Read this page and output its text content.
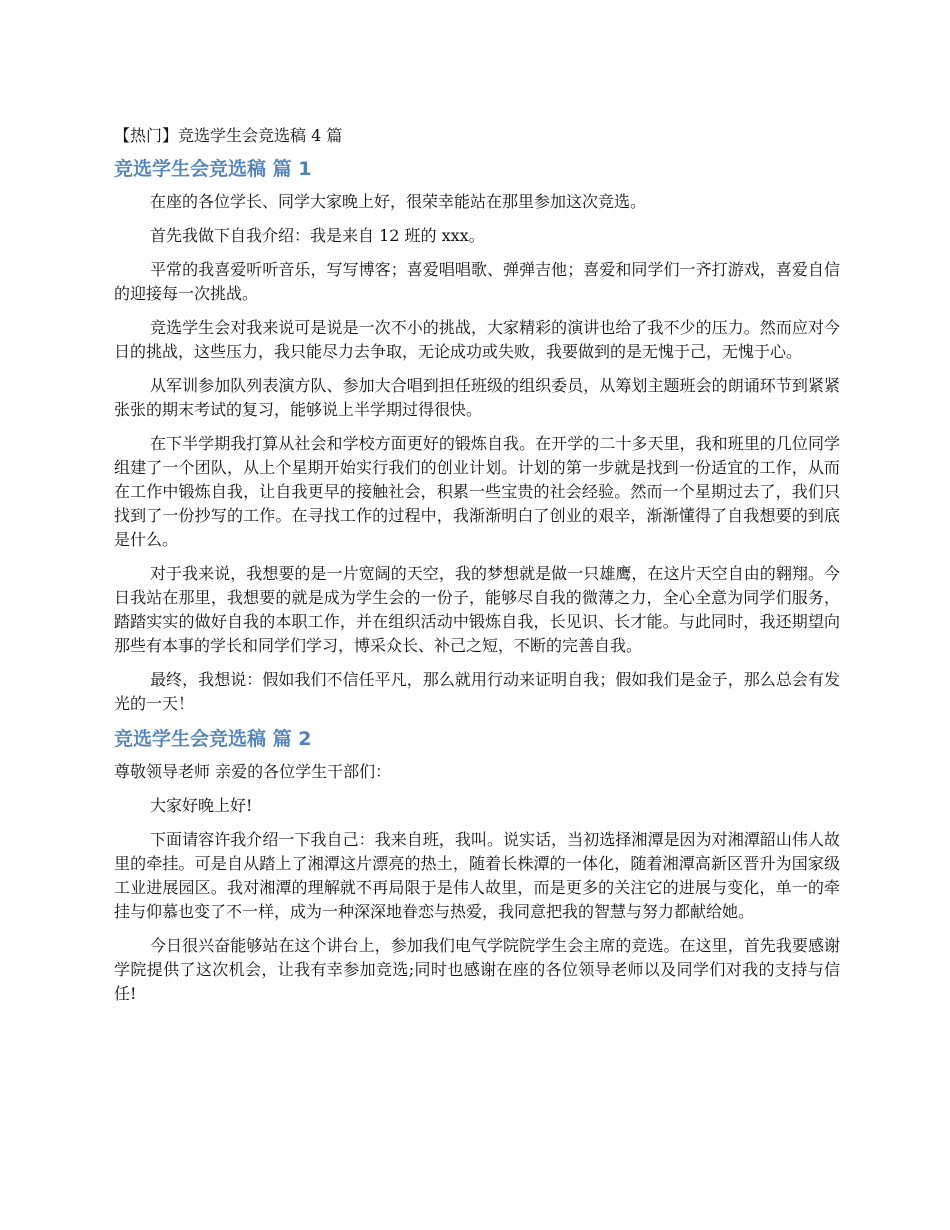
【热门】竞选学生会竞选稿 4 篇
竞选学生会竞选稿 篇 1

在座的各位学长、同学大家晚上好，很荣幸能站在那里参加这次竞选。

首先我做下自我介绍：我是来自 12 班的 xxx。

平常的我喜爱听听音乐，写写博客；喜爱唱唱歌、弹弹吉他；喜爱和同学们一齐打游戏，喜爱自信的迎接每一次挑战。

竞选学生会对我来说可是说是一次不小的挑战，大家精彩的演讲也给了我不少的压力。然而应对今日的挑战，这些压力，我只能尽力去争取，无论成功或失败，我要做到的是无愧于己，无愧于心。

从军训参加队列表演方队、参加大合唱到担任班级的组织委员，从筹划主题班会的朗诵环节到紧紧张张的期末考试的复习，能够说上半学期过得很快。

在下半学期我打算从社会和学校方面更好的锻炼自我。在开学的二十多天里，我和班里的几位同学组建了一个团队，从上个星期开始实行我们的创业计划。计划的第一步就是找到一份适宜的工作，从而在工作中锻炼自我，让自我更早的接触社会，积累一些宝贵的社会经验。然而一个星期过去了，我们只找到了一份抄写的工作。在寻找工作的过程中，我渐渐明白了创业的艰辛，渐渐懂得了自我想要的到底是什么。

对于我来说，我想要的是一片宽阔的天空，我的梦想就是做一只雄鹰，在这片天空自由的翱翔。今日我站在那里，我想要的就是成为学生会的一份子，能够尽自我的微薄之力，全心全意为同学们服务，踏踏实实的做好自我的本职工作，并在组织活动中锻炼自我，长见识、长才能。与此同时，我还期望向那些有本事的学长和同学们学习，博采众长、补己之短，不断的完善自我。

最终，我想说：假如我们不信任平凡，那么就用行动来证明自我；假如我们是金子，那么总会有发光的一天！

竞选学生会竞选稿 篇 2

尊敬领导老师 亲爱的各位学生干部们：

大家好晚上好!

下面请容许我介绍一下我自己：我来自班，我叫。说实话，当初选择湘潭是因为对湘潭韶山伟人故里的牵挂。可是自从踏上了湘潭这片漂亮的热土，随着长株潭的一体化，随着湘潭高新区晋升为国家级工业进展园区。我对湘潭的理解就不再局限于是伟人故里，而是更多的关注它的进展与变化，单一的牵挂与仰慕也变了不一样，成为一种深深地眷恋与热爱，我同意把我的智慧与努力都献给她。

今日很兴奋能够站在这个讲台上，参加我们电气学院院学生会主席的竞选。在这里，首先我要感谢学院提供了这次机会，让我有幸参加竞选;同时也感谢在座的各位领导老师以及同学们对我的支持与信任!
